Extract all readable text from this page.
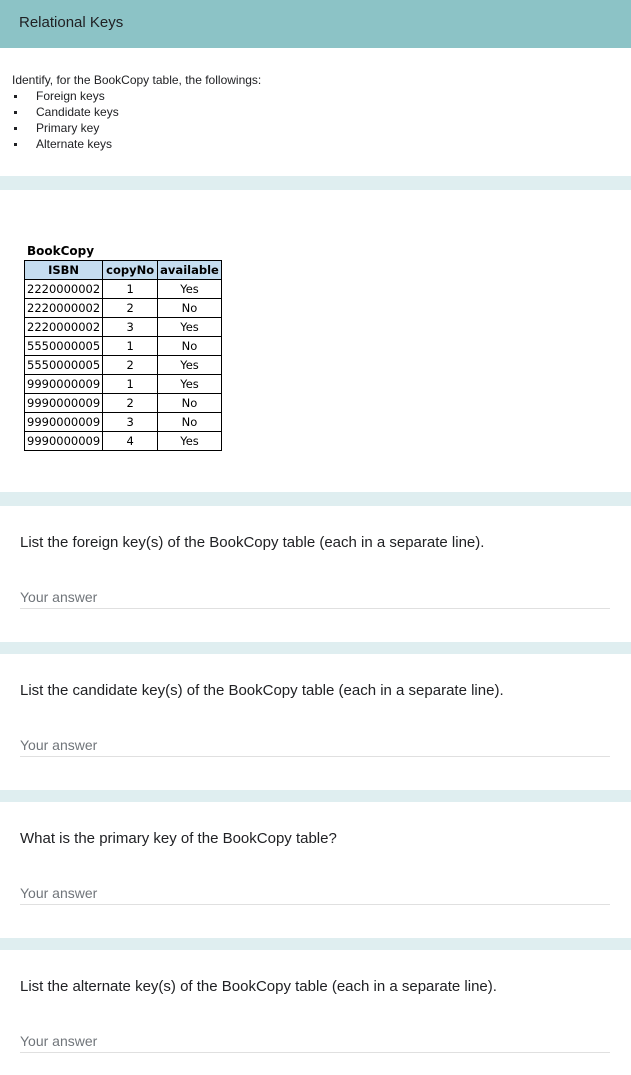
Relational Keys
Identify, for the BookCopy table, the followings:
Foreign keys
Candidate keys
Primary key
Alternate keys
BookCopy
ISBN	copyNo	available
2220000002	1	Yes
2220000002	2	No
2220000002	3	Yes
5550000005	1	No
5550000005	2	Yes
9990000009	1	Yes
9990000009	2	No
9990000009	3	No
9990000009	4	Yes
List the foreign key(s) of the BookCopy table (each in a separate line).
Your answer
List the candidate key(s) of the BookCopy table (each in a separate line).
Your answer
What is the primary key of the BookCopy table?
Your answer
List the alternate key(s) of the BookCopy table (each in a separate line).
Your answer
